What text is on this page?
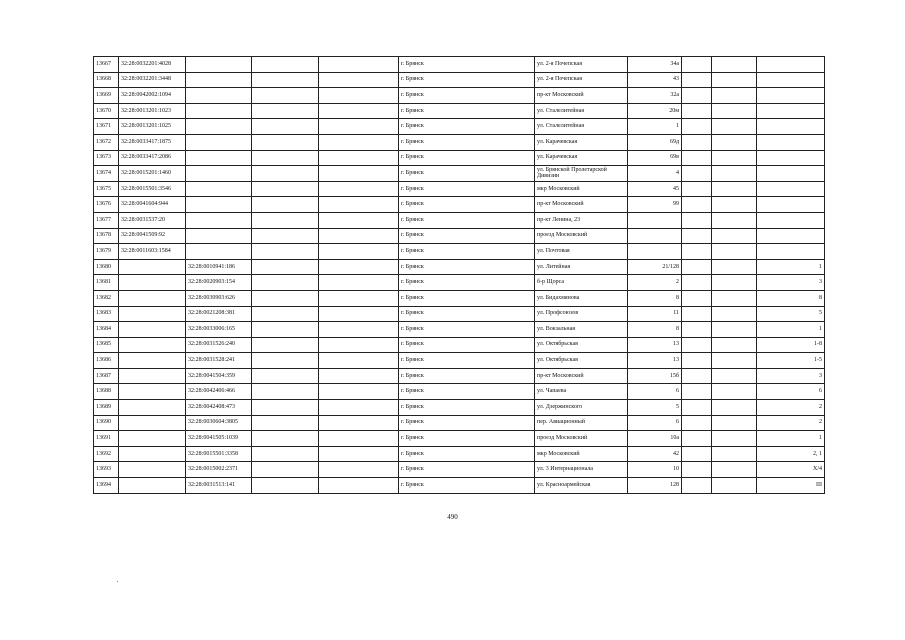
13667	32:28:0032201:4028				г. Брянск	ул. 2-я Почепская	34а			
13668	32:28:0032201:3448				г. Брянск	ул. 2-я Почепская	43			
13669	32:28:0042002:1094				г. Брянск	пр-кт Московский	32а			
13670	32:28:0013201:1023				г. Брянск	ул. Сталелитейная	20м			
13671	32:28:0013201:1025				г. Брянск	ул. Сталелитейная	1			
13672	32:28:0033417:1875				г. Брянск	ул. Карачевская	69д			
13673	32:28:0033417:2086				г. Брянск	ул. Карачевская	69в			
13674	32:28:0015201:1460				г. Брянск	ул. Брянской Пролетарской Дивизии	4			
13675	32:28:0015501:3546				г. Брянск	мкр Московский	45			
13676	32:28:0041604:944				г. Брянск	пр-кт Московский	99			
13677	32:28:0031537:20				г. Брянск	пр-кт Ленина, 23				
13678	32:28:0041509:92				г. Брянск	проезд Московский				
13679	32:28:0011603:1584				г. Брянск	ул. Почтовая				
13680		32:28:0010941:186			г. Брянск	ул. Литейная	21/128			1
13681		32:28:0020903:154			г. Брянск	б-р Щорса	2			3
13682		32:28:0030903:626			г. Брянск	ул. Бидахмянова	8			8
13683		32:28:0021208:381			г. Брянск	ул. Профсоюзов	11			5
13684		32:28:0033006:165			г. Брянск	ул. Вокзальная	8			1
13685		32:28:0031526:240			г. Брянск	ул. Октябрьская	13			1-8
13686		32:28:0031528:241			г. Брянск	ул. Октябрьская	13			1-5
13687		32:28:0041504:359			г. Брянск	пр-кт Московский	15б			3
13688		32:28:0042406:466			г. Брянск	ул. Чапаева	6			6
13689		32:28:0042408:473			г. Брянск	ул. Дзержинского	5			2
13690		32:28:0030604:3805			г. Брянск	пер. Авиационный	6			2
13691		32:28:0041505:1039			г. Брянск	проезд Московский	10а			1
13692		32:28:0015501:3358			г. Брянск	мкр Московский	42			2, 1
13693		32:28:0015002:2371			г. Брянск	ул. 3 Интернационала	10			Х/4
13694		32:28:0031513:141			г. Брянск	ул. Красноармейская	128			III
490
